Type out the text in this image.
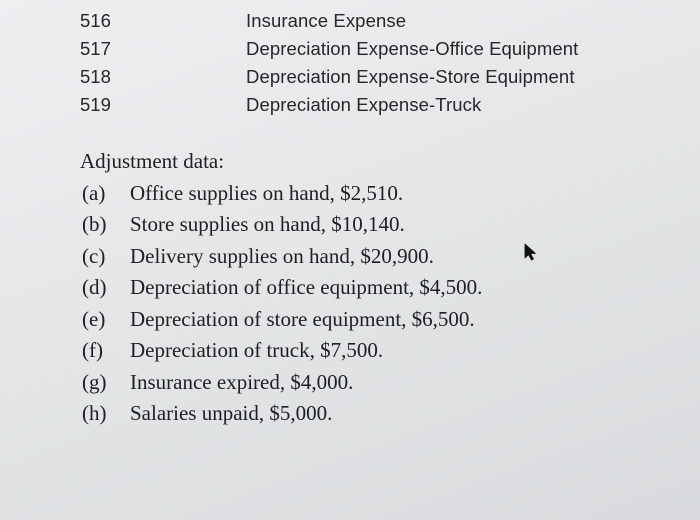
516	Insurance Expense
517	Depreciation Expense-Office Equipment
518	Depreciation Expense-Store Equipment
519	Depreciation Expense-Truck
Adjustment data:
(a)	Office supplies on hand, $2,510.
(b)	Store supplies on hand, $10,140.
(c)	Delivery supplies on hand, $20,900.
(d)	Depreciation of office equipment, $4,500.
(e)	Depreciation of store equipment, $6,500.
(f)	Depreciation of truck, $7,500.
(g)	Insurance expired, $4,000.
(h)	Salaries unpaid, $5,000.
